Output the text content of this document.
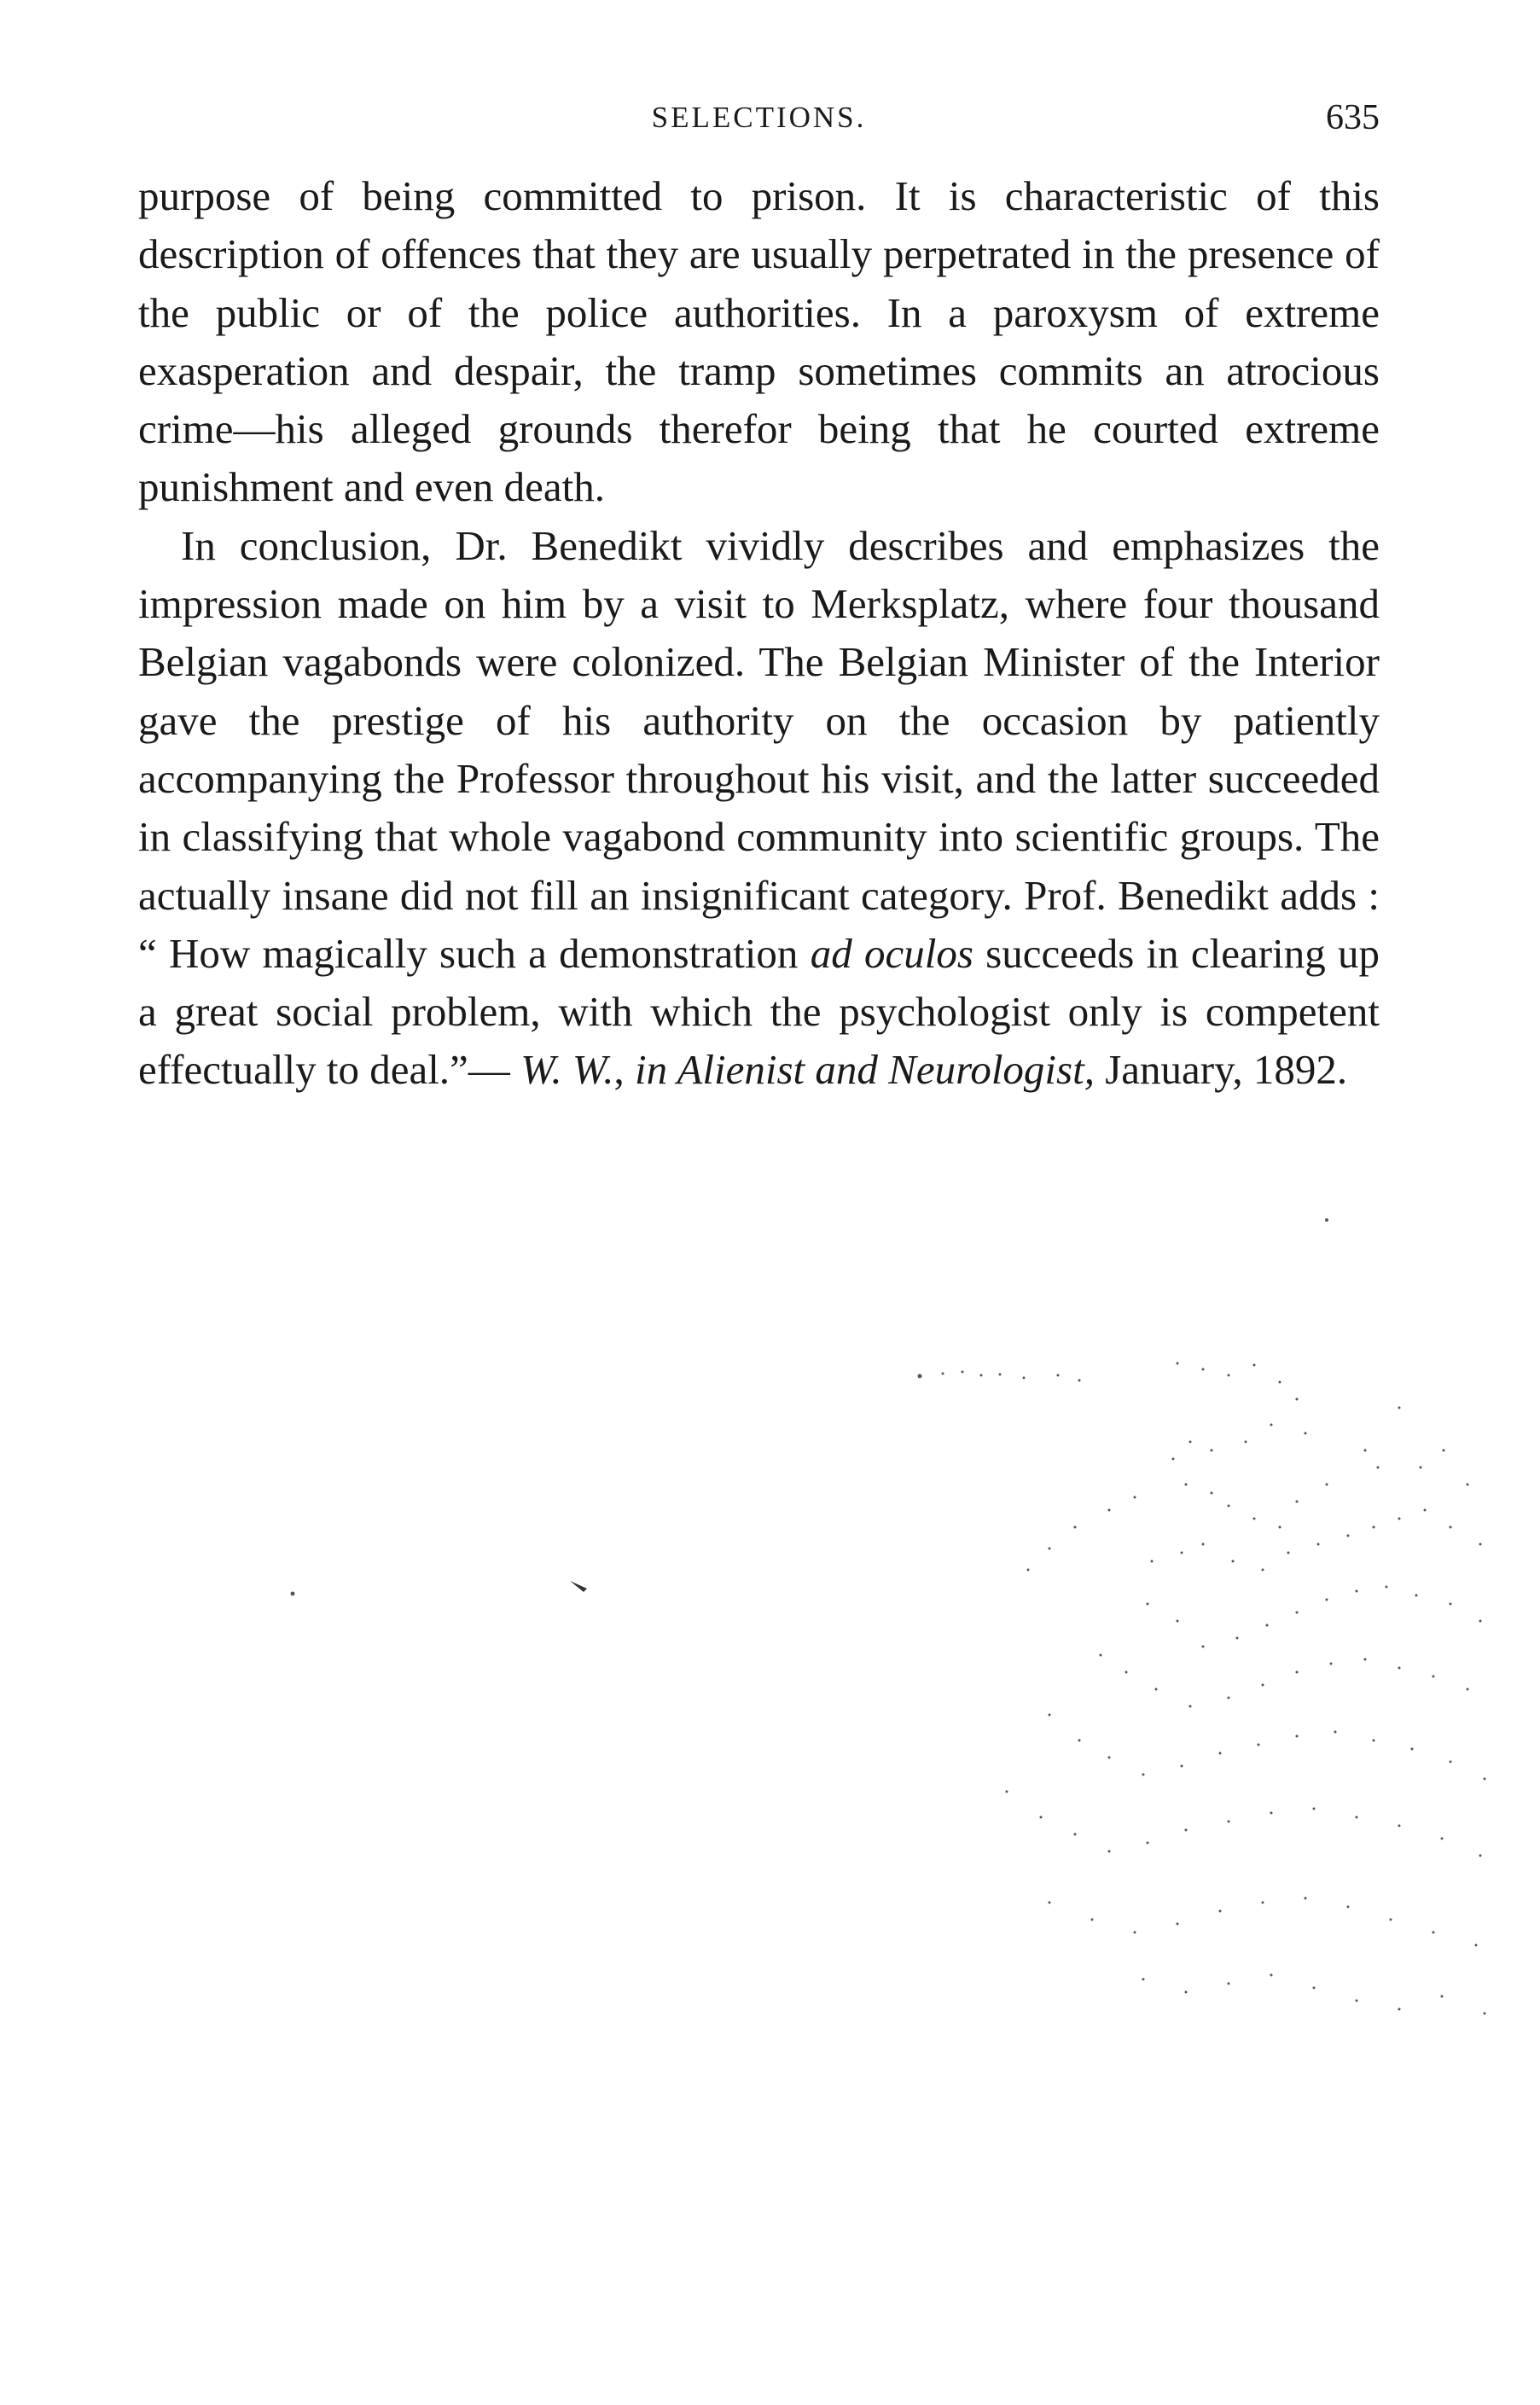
SELECTIONS.	635

purpose of being committed to prison. It is characteristic of this description of offences that they are usually perpetrated in the presence of the public or of the police authorities. In a paroxysm of extreme exasperation and despair, the tramp sometimes commits an atrocious crime—his alleged grounds therefor being that he courted extreme punishment and even death.

In conclusion, Dr. Benedikt vividly describes and emphasizes the impression made on him by a visit to Merksplatz, where four thousand Belgian vagabonds were colonized. The Belgian Minister of the Interior gave the prestige of his authority on the occasion by patiently accompanying the Professor throughout his visit, and the latter succeeded in classifying that whole vagabond community into scientific groups. The actually insane did not fill an insignificant category. Prof. Benedikt adds : “ How magically such a demonstration ad oculos succeeds in clearing up a great social problem, with which the psychologist only is competent effectually to deal.”— W. W., in Alienist and Neurologist, January, 1892.
